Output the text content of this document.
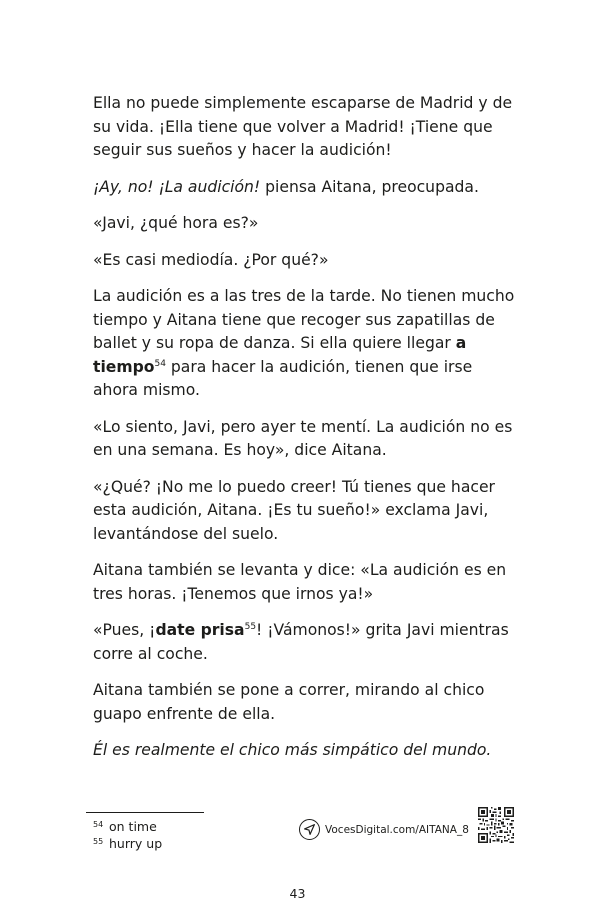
Ella no puede simplemente escaparse de Madrid y de su vida. ¡Ella tiene que volver a Madrid! ¡Tiene que seguir sus sueños y hacer la audición!

¡Ay, no! ¡La audición! piensa Aitana, preocupada.

«Javi, ¿qué hora es?»

«Es casi mediodía. ¿Por qué?»

La audición es a las tres de la tarde. No tienen mucho tiempo y Aitana tiene que recoger sus zapatillas de ballet y su ropa de danza. Si ella quiere llegar a tiempo$^{54}$ para hacer la audición, tienen que irse ahora mismo.

«Lo siento, Javi, pero ayer te mentí. La audición no es en una semana. Es hoy», dice Aitana.

«¿Qué? ¡No me lo puedo creer! Tú tienes que hacer esta audición, Aitana. ¡Es tu sueño!» exclama Javi, levantándose del suelo.

Aitana también se levanta y dice: «La audición es en tres horas. ¡Tenemos que irnos ya!»

«Pues, ¡date prisa$^{55}$! ¡Vámonos!» grita Javi mientras corre al coche.

Aitana también se pone a correr, mirando al chico guapo enfrente de ella.

Él es realmente el chico más simpático del mundo.

54 on time
55 hurry up
VocesDigital.com/AITANA_8
43
